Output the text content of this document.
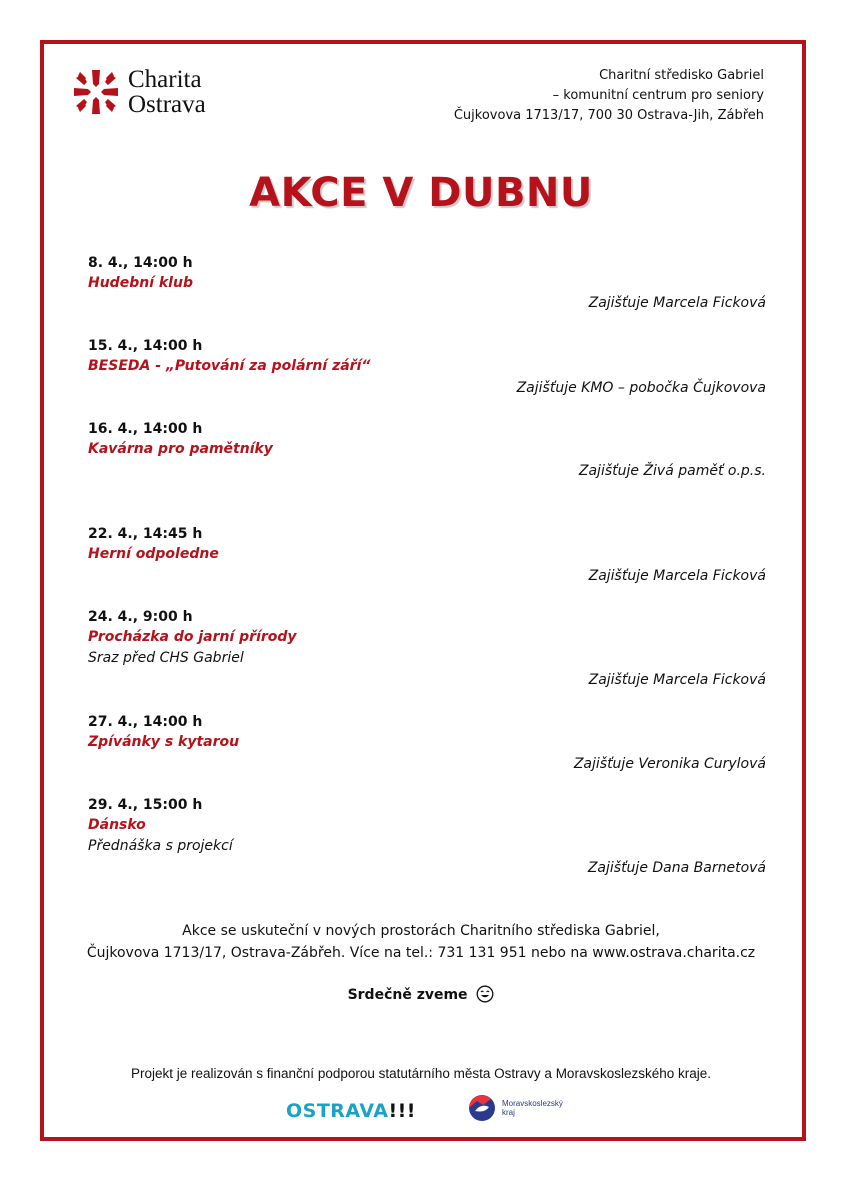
Charita
Ostrava
Charitní středisko Gabriel
– komunitní centrum pro seniory
Čujkovova 1713/17, 700 30 Ostrava-Jih, Zábřeh
AKCE V DUBNU
8. 4., 14:00 h
Hudební klub
Zajišťuje Marcela Ficková
15. 4., 14:00 h
BESEDA - „Putování za polární září“
Zajišťuje KMO – pobočka Čujkovova
16. 4., 14:00 h
Kavárna pro pamětníky
Zajišťuje Živá paměť o.p.s.
22. 4., 14:45 h
Herní odpoledne
Zajišťuje Marcela Ficková
24. 4., 9:00 h
Procházka do jarní přírody
Sraz před CHS Gabriel
Zajišťuje Marcela Ficková
27. 4., 14:00 h
Zpívánky s kytarou
Zajišťuje Veronika Curylová
29. 4., 15:00 h
Dánsko
Přednáška s projekcí
Zajišťuje Dana Barnetová
Akce se uskuteční v nových prostorách Charitního střediska Gabriel,
Čujkovova 1713/17, Ostrava-Zábřeh. Více na tel.: 731 131 951 nebo na www.ostrava.charita.cz
Srdečně zveme
Projekt je realizován s finanční podporou statutárního města Ostravy a Moravskoslezského kraje.
OSTRAVA!!!	Moravskoslezský
kraj
